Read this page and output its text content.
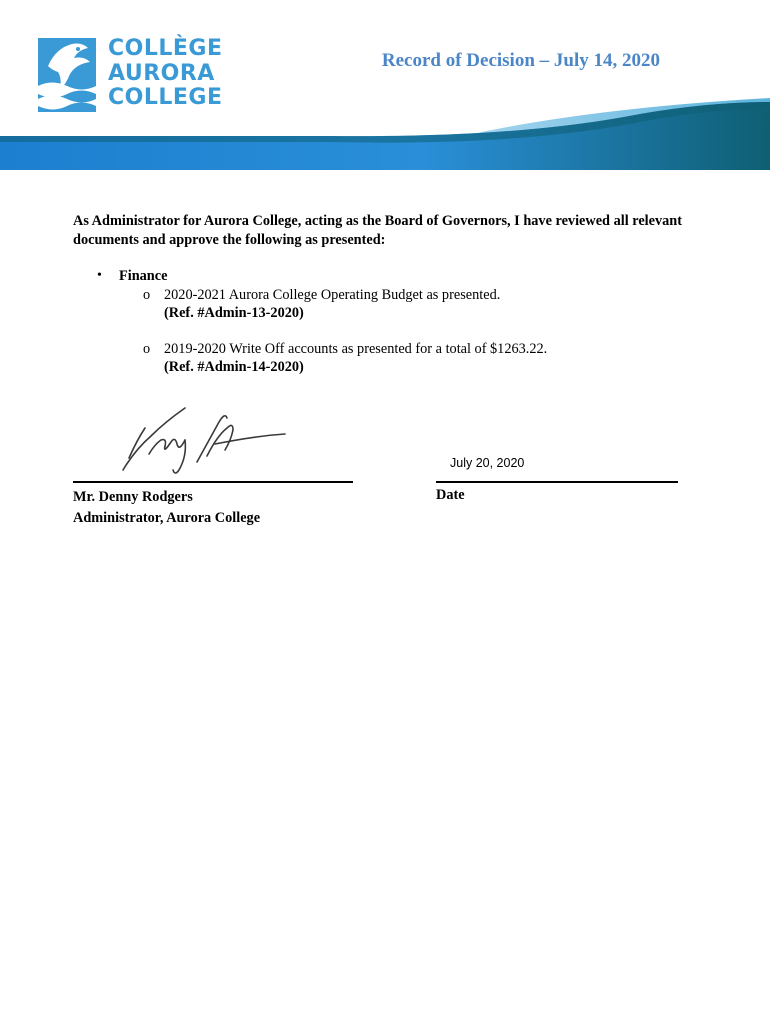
COLLÈGE
AURORA
COLLEGE
Record of Decision – July 14, 2020

As Administrator for Aurora College, acting as the Board of Governors, I have reviewed all relevant documents and approve the following as presented:

• Finance
o 2020-2021 Aurora College Operating Budget as presented.
(Ref. #Admin-13-2020)
o 2019-2020 Write Off accounts as presented for a total of $1263.22.
(Ref. #Admin-14-2020)
Mr. Denny Rodgers
Administrator, Aurora College
July 20, 2020
Date
